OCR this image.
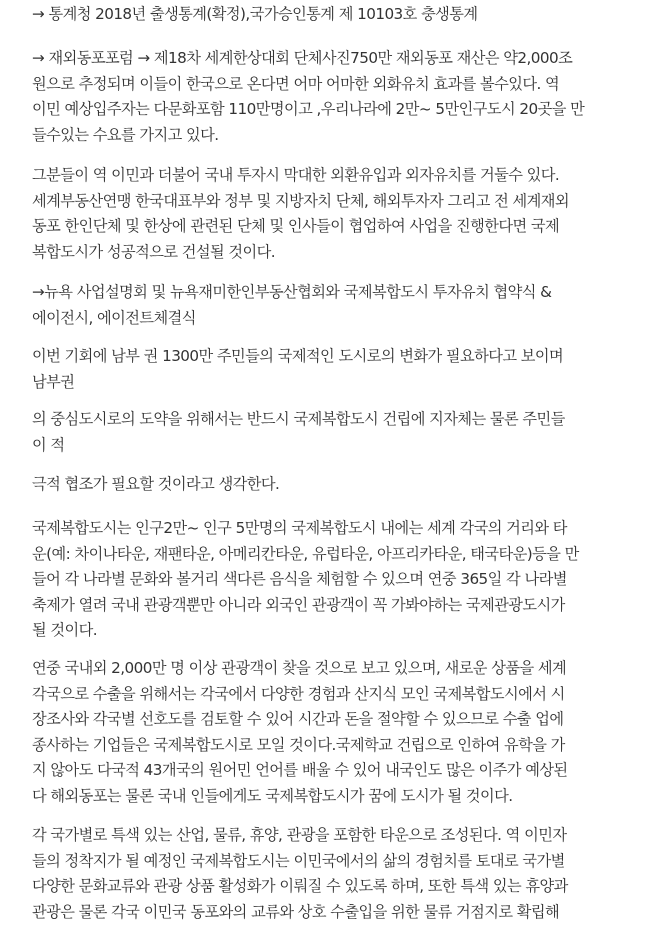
→ 통계청 2018년 출생통계(확정),국가승인통계 제 10103호 충생통계

→ 재외동포포럼 → 제18차 세계한상대회 단체사진750만 재외동포 재산은 약2,000조
원으로 추정되며 이들이 한국으로 온다면 어마 어마한 외화유치 효과를 볼수있다. 역
이민 예상입주자는 다문화포함 110만명이고 ,우리나라에 2만~ 5만인구도시 20곳을 만
들수있는 수요를 가지고 있다.

그분들이 역 이민과 더불어 국내 투자시 막대한 외환유입과 외자유치를 거둘수 있다.
세계부동산연맹 한국대표부와 정부 및 지방자치 단체, 해외투자자 그리고 전 세계재외
동포 한인단체 및 한상에 관련된 단체 및 인사들이 협업하여 사업을 진행한다면 국제
복합도시가 성공적으로 건설될 것이다.

→뉴욕 사업설명회 및 뉴욕재미한인부동산협회와 국제복합도시 투자유치 협약식 &
에이전시, 에이전트체결식

이번 기회에 남부 권 1300만 주민들의 국제적인 도시로의 변화가 필요하다고 보이며
남부권

의 중심도시로의 도약을 위해서는 반드시 국제복합도시 건립에 지자체는 물론 주민들
이 적

극적 협조가 필요할 것이라고 생각한다.

국제복합도시는 인구2만~ 인구 5만명의 국제복합도시 내에는 세계 각국의 거리와 타
운(예: 차이나타운, 재팬타운, 아메리칸타운, 유럽타운, 아프리카타운, 태국타운)등을 만
들어 각 나라별 문화와 볼거리 색다른 음식을 체험할 수 있으며 연중 365일 각 나라별
축제가 열려 국내 관광객뿐만 아니라 외국인 관광객이 꼭 가봐야하는 국제관광도시가
될 것이다.

연중 국내외 2,000만 명 이상 관광객이 찾을 것으로 보고 있으며, 새로운 상품을 세계
각국으로 수출을 위해서는 각국에서 다양한 경험과 산지식 모인 국제복합도시에서 시
장조사와 각국별 선호도를 검토할 수 있어 시간과 돈을 절약할 수 있으므로 수출 업에
종사하는 기업들은 국제복합도시로 모일 것이다.국제학교 건립으로 인하여 유학을 가
지 않아도 다국적 43개국의 원어민 언어를 배울 수 있어 내국인도 많은 이주가 예상된
다 해외동포는 물론 국내 인들에게도 국제복합도시가 꿈에 도시가 될 것이다.

각 국가별로 특색 있는 산업, 물류, 휴양, 관광을 포함한 타운으로 조성된다. 역 이민자
들의 정착지가 될 예정인 국제복합도시는 이민국에서의 삶의 경험치를 토대로 국가별
다양한 문화교류와 관광 상품 활성화가 이뤄질 수 있도록 하며, 또한 특색 있는 휴양과
관광은 물론 각국 이민국 동포와의 교류와 상호 수출입을 위한 물류 거점지로 확립해
